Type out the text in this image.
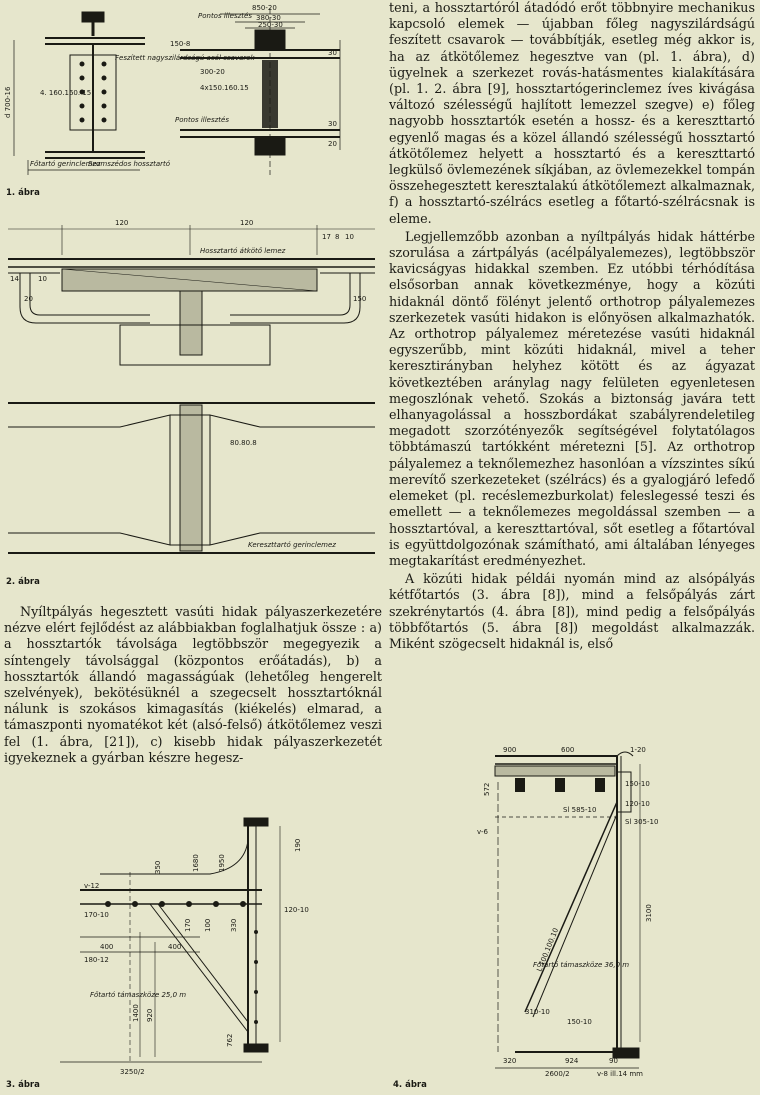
teni, a hossztartóról átadódó erőt többnyire mechanikus kapcsoló elemek — újabban főleg nagyszilárdságú feszített csavarok — továbbítják, esetleg még akkor is, ha az átkötőlemez hegesztve van (pl. 1. ábra), d) ügyelnek a szerkezet rovás-hatásmentes kialakítására (pl. 1. 2. ábra [9], hossztartógerinclemez íves kivágása változó szélességű hajlított lemezzel szegve) e) főleg nagyobb hossztartók esetén a hossz- és a kereszttartó egyenlő magas és a közel állandó szélességű hossztartó átkötőlemez helyett a hossztartó és a kereszttartó legkülső övlemezének síkjában, az övlemezekkel tompán összehegesztett keresztalakú átkötőlemezt alkalmaznak, f) a hossztartó-szélrács esetleg a főtartó-szélrácsnak is eleme.

Legjellemzőbb azonban a nyíltpályás hidak háttérbe szorulása a zártpályás (acélpályalemezes), legtöbbször kavicságyas hidakkal szemben. Ez utóbbi térhódítása elsősorban annak következménye, hogy a közúti hidaknál döntő fölényt jelentő orthotrop pályalemezes szerkezetek vasúti hidakon is előnyösen alkalmazhatók. Az orthotrop pályalemez méretezése vasúti hidaknál egyszerűbb, mint közúti hidaknál, mivel a teher keresztirányban helyhez kötött és az ágyazat következtében aránylag nagy felületen egyenletesen megoszlónak vehető. Szokás a biztonság javára tett elhanyagolással a hosszbordákat szabályrendeletileg megadott szorzótényezők segítségével folytatólagos többtámaszú tartókként méretezni [5]. Az orthotrop pályalemez a teknőlemezhez hasonlóan a vízszintes síkú merevítő szerkezeteket (szélrács) és a gyalogjáró lefedő elemeket (pl. recéslemezburkolat) feleslegessé teszi és emellett — a teknőlemezes megoldással szemben — a hossztartóval, a kereszttartóval, sőt esetleg a főtartóval is együttdolgozónak számítható, ami általában lényeges megtakarítást eredményezhet.

A közúti hidak példái nyomán mind az alsópályás kétfőtartós (3. ábra [8]), mind a felsőpályás zárt szekrénytartós (4. ábra [8]), mind pedig a felsőpályás többfőtartós (5. ábra [8]) megoldást alkalmazzák. Miként szögecselt hidaknál is, első

Nyíltpályás hegesztett vasúti hidak pályaszerkezetére nézve elért fejlődést az alábbiakban foglalhatjuk össze : a) a hossztartók távolsága legtöbbször megegyezik a síntengely távolsággal (központos erőátadás), b) a hossztartók állandó magasságúak (lehetőleg hengerelt szelvények), bekötésüknél a szegecselt hossztartóknál nálunk is szokásos kimagasítás (kiékelés) elmarad, a támaszponti nyomatékot két (alsó-felső) átkötőlemez veszi fel (1. ábra, [21]), c) kisebb hidak pályaszerkezetét igyekeznek a gyárban készre hegesz-

Pontos illesztés
Feszített nagyszilárdságú acél csavarok
4. 160.160. 15
4x150.160.15
150-8
300-20
Pontos illesztés
Főtartó gerinclemez
Szomszédos hossztartó
850-20
380-30
250-30
d 700-16
30
30
20
1. ábra
120	120
17 8 10
10
14
150
20
Hossztartó átkötő lemez
80.80.8
Kereszttartó gerinclemez
2. ábra
v-12
170-10
180-12
Főtartó támaszköze 25,0 m
120-10
350
170 100
400	400
330
920
1400
762
3250/2
1950
190
1680
3. ábra
v-6
Sl 585-10
Sl 305-10
150-10
120-10
L 100.100.10
Főtartó támaszköze 36,0 m
310-10
150-10
v-8 ill.14 mm
1-20
900	600
572
3100
320	924
2600/2
90
4. ábra
